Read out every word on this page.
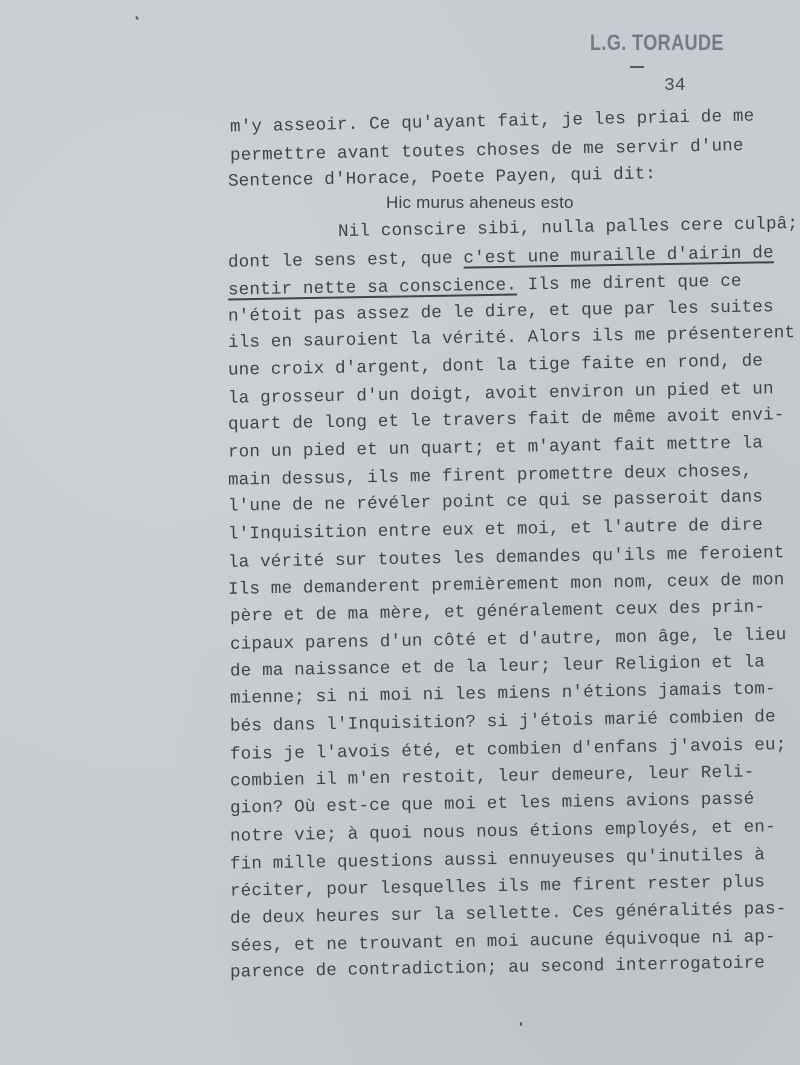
L.G. TORAUDE
34
m'y asseoir. Ce qu'ayant fait, je les priai de me
permettre avant toutes choses de me servir d'une
Sentence d'Horace, Poete Payen, qui dit:
Hic murus aheneus esto
Nil conscire sibi, nulla palles cere culpâ;
dont le sens est, que c'est une muraille d'airin de
sentir nette sa conscience. Ils me dirent que ce
n'étoit pas assez de le dire, et que par les suites
ils en sauroient la vérité. Alors ils me présenterent
une croix d'argent, dont la tige faite en rond, de
la grosseur d'un doigt, avoit environ un pied et un
quart de long et le travers fait de même avoit envi-
ron un pied et un quart; et m'ayant fait mettre la
main dessus, ils me firent promettre deux choses,
l'une de ne révéler point ce qui se passeroit dans
l'Inquisition entre eux et moi, et l'autre de dire
la vérité sur toutes les demandes qu'ils me feroient
Ils me demanderent premièrement mon nom, ceux de mon
père et de ma mère, et généralement ceux des prin-
cipaux parens d'un côté et d'autre, mon âge, le lieu
de ma naissance et de la leur; leur Religion et la
mienne; si ni moi ni les miens n'étions jamais tom-
bés dans l'Inquisition? si j'étois marié combien de
fois je l'avois été, et combien d'enfans j'avois eu;
combien il m'en restoit, leur demeure, leur Reli-
gion? Où est-ce que moi et les miens avions passé
notre vie; à quoi nous nous étions employés, et en-
fin mille questions aussi ennuyeuses qu'inutiles à
réciter, pour lesquelles ils me firent rester plus
de deux heures sur la sellette. Ces généralités pas-
sées, et ne trouvant en moi aucune équivoque ni ap-
parence de contradiction; au second interrogatoire
